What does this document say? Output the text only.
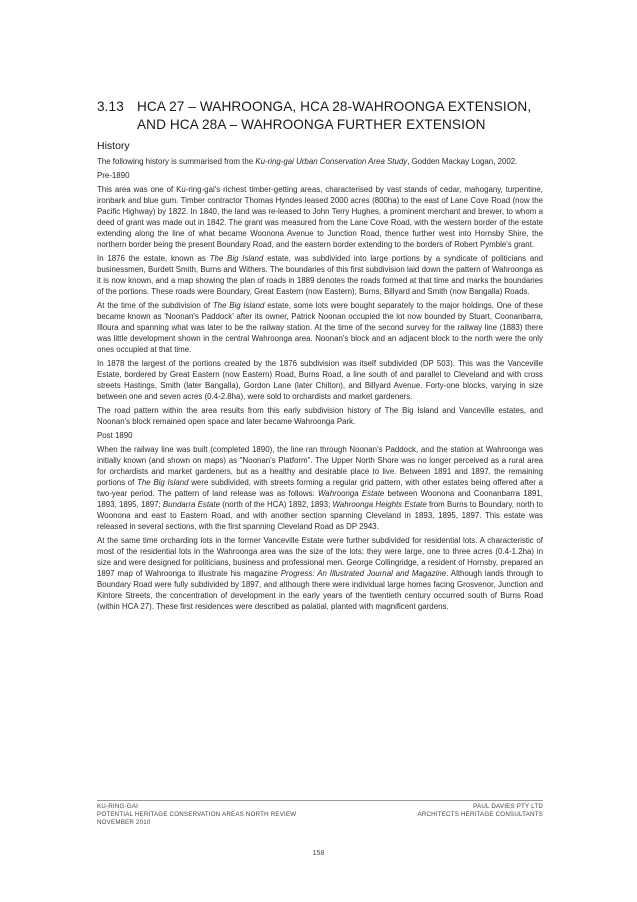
3.13 HCA 27 – WAHROONGA, HCA 28-WAHROONGA EXTENSION,
AND HCA 28A – WAHROONGA FURTHER EXTENSION
History

The following history is summarised from the Ku-ring-gai Urban Conservation Area Study, Godden Mackay Logan, 2002.

Pre-1890

This area was one of Ku-ring-gai's richest timber-getting areas, characterised by vast stands of cedar, mahogany, turpentine, ironbark and blue gum. Timber contractor Thomas Hyndes leased 2000 acres (800ha) to the east of Lane Cove Road (now the Pacific Highway) by 1822. In 1840, the land was re-leased to John Terry Hughes, a prominent merchant and brewer, to whom a deed of grant was made out in 1842. The grant was measured from the Lane Cove Road, with the western border of the estate extending along the line of what became Woonona Avenue to Junction Road, thence further west into Hornsby Shire, the northern border being the present Boundary Road, and the eastern border extending to the borders of Robert Pymble's grant.

In 1876 the estate, known as The Big Island estate, was subdivided into large portions by a syndicate of politicians and businessmen, Burdett Smith, Burns and Withers. The boundaries of this first subdivision laid down the pattern of Wahroonga as it is now known, and a map showing the plan of roads in 1889 denotes the roads formed at that time and marks the boundaries of the portions. These roads were Boundary, Great Eastern (now Eastern), Burns, Billyard and Smith (now Bangalla) Roads.

At the time of the subdivision of The Big Island estate, some lots were bought separately to the major holdings. One of these became known as 'Noonan's Paddock' after its owner, Patrick Noonan occupied the lot now bounded by Stuart, Coonanbarra, Illoura and spanning what was later to be the railway station. At the time of the second survey for the railway line (1883) there was little development shown in the central Wahroonga area. Noonan's block and an adjacent block to the north were the only ones occupied at that time.

In 1878 the largest of the portions created by the 1876 subdivision was itself subdivided (DP 503). This was the Vanceville Estate, bordered by Great Eastern (now Eastern) Road, Burns Road, a line south of and parallel to Cleveland and with cross streets Hastings, Smith (later Bangalla), Gordon Lane (later Chilton), and Billyard Avenue. Forty-one blocks, varying in size between one and seven acres (0.4-2.8ha), were sold to orchardists and market gardeners.

The road pattern within the area results from this early subdivision history of The Big Island and Vanceville estates, and Noonan's block remained open space and later became Wahroonga Park.

Post 1890

When the railway line was built (completed 1890), the line ran through Noonan's Paddock, and the station at Wahroonga was initially known (and shown on maps) as "Noonan's Platform". The Upper North Shore was no longer perceived as a rural area for orchardists and market gardeners, but as a healthy and desirable place to live. Between 1891 and 1897, the remaining portions of The Big Island were subdivided, with streets forming a regular grid pattern, with other estates being offered after a two-year period. The pattern of land release was as follows: Wahroonga Estate between Woonona and Coonanbarra 1891, 1893, 1895, 1897; Bundarra Estate (north of the HCA) 1892, 1893; Wahroonga Heights Estate from Burns to Boundary, north to Woonona and east to Eastern Road, and with another section spanning Cleveland in 1893, 1895, 1897. This estate was released in several sections, with the first spanning Cleveland Road as DP 2943.

At the same time orcharding lots in the former Vanceville Estate were further subdivided for residential lots. A characteristic of most of the residential lots in the Wahroonga area was the size of the lots; they were large, one to three acres (0.4-1.2ha) in size and were designed for politicians, business and professional men. George Collingridge, a resident of Hornsby, prepared an 1897 map of Wahroonga to illustrate his magazine Progress: An Illustrated Journal and Magazine. Although lands through to Boundary Road were fully subdivided by 1897, and although there were individual large homes facing Grosvenor, Junction and Kintore Streets, the concentration of development in the early years of the twentieth century occurred south of Burns Road (within HCA 27). These first residences were described as palatial, planted with magnificent gardens.

KU-RING-GAI
POTENTIAL HERITAGE CONSERVATION AREAS NORTH REVIEW
NOVEMBER 2010
PAUL DAVIES PTY LTD
ARCHITECTS HERITAGE CONSULTANTS
158
